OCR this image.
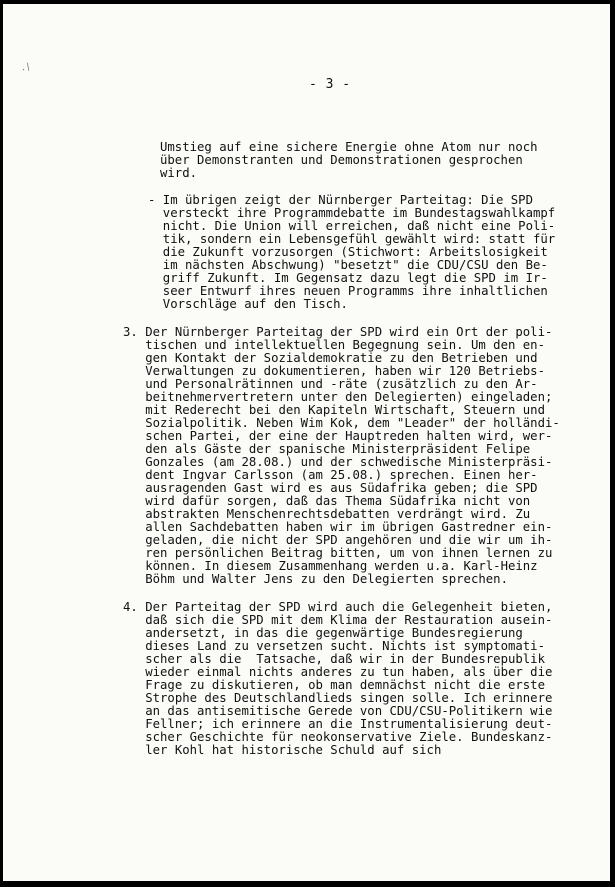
·/
- 3 -
Umstieg auf eine sichere Energie ohne Atom nur noch
über Demonstranten und Demonstrationen gesprochen
wird.
- Im übrigen zeigt der Nürnberger Parteitag: Die SPD
versteckt ihre Programmdebatte im Bundestagswahlkampf
nicht. Die Union will erreichen, daß nicht eine Poli-
tik, sondern ein Lebensgefühl gewählt wird: statt für
die Zukunft vorzusorgen (Stichwort: Arbeitslosigkeit
im nächsten Abschwung) "besetzt" die CDU/CSU den Be-
griff Zukunft. Im Gegensatz dazu legt die SPD im Ir-
seer Entwurf ihres neuen Programms ihre inhaltlichen
Vorschläge auf den Tisch.
3. Der Nürnberger Parteitag der SPD wird ein Ort der poli-
tischen und intellektuellen Begegnung sein. Um den en-
gen Kontakt der Sozialdemokratie zu den Betrieben und
Verwaltungen zu dokumentieren, haben wir 120 Betriebs-
und Personalrätinnen und -räte (zusätzlich zu den Ar-
beitnehmervertretern unter den Delegierten) eingeladen;
mit Rederecht bei den Kapiteln Wirtschaft, Steuern und
Sozialpolitik. Neben Wim Kok, dem "Leader" der holländi-
schen Partei, der eine der Hauptreden halten wird, wer-
den als Gäste der spanische Ministerpräsident Felipe
Gonzales (am 28.08.) und der schwedische Ministerpräsi-
dent Ingvar Carlsson (am 25.08.) sprechen. Einen her-
ausragenden Gast wird es aus Südafrika geben; die SPD
wird dafür sorgen, daß das Thema Südafrika nicht von
abstrakten Menschenrechtsdebatten verdrängt wird. Zu
allen Sachdebatten haben wir im übrigen Gastredner ein-
geladen, die nicht der SPD angehören und die wir um ih-
ren persönlichen Beitrag bitten, um von ihnen lernen zu
können. In diesem Zusammenhang werden u.a. Karl-Heinz
Böhm und Walter Jens zu den Delegierten sprechen.
4. Der Parteitag der SPD wird auch die Gelegenheit bieten,
daß sich die SPD mit dem Klima der Restauration ausein-
andersetzt, in das die gegenwärtige Bundesregierung
dieses Land zu versetzen sucht. Nichts ist symptomati-
scher als die  Tatsache, daß wir in der Bundesrepublik
wieder einmal nichts anderes zu tun haben, als über die
Frage zu diskutieren, ob man demnächst nicht die erste
Strophe des Deutschlandlieds singen solle. Ich erinnere
an das antisemitische Gerede von CDU/CSU-Politikern wie
Fellner; ich erinnere an die Instrumentalisierung deut-
scher Geschichte für neokonservative Ziele. Bundeskanz-
ler Kohl hat historische Schuld auf sich
